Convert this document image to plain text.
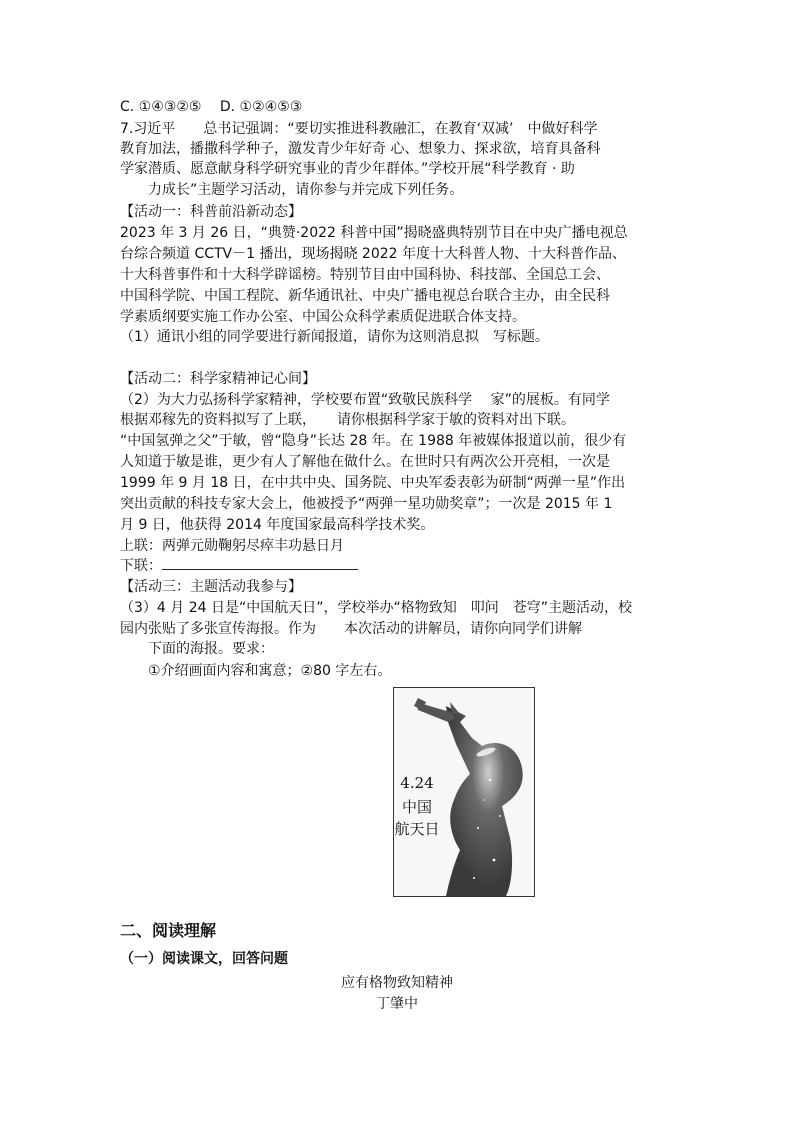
C. ①④③②⑤　 D. ①②④⑤③
7.习近平　　总书记强调：“要切实推进科教融汇，在教育‘双减’　中做好科学
教育加法，播撒科学种子，激发青少年好奇 心、想象力、探求欲，培育具备科
学家潜质、愿意献身科学研究事业的青少年群体。”学校开展“科学教育 · 助
力成长”主题学习活动，请你参与并完成下列任务。
【活动一：科普前沿新动态】
2023 年 3 月 26 日，“典赞·2022 科普中国”揭晓盛典特别节目在中央广播电视总
台综合频道 CCTV－1 播出，现场揭晓 2022 年度十大科普人物、十大科普作品、
十大科普事件和十大科学辟谣榜。特别节目由中国科协、科技部、全国总工会、
中国科学院、中国工程院、新华通讯社、中央广播电视总台联合主办，由全民科
学素质纲要实施工作办公室、中国公众科学素质促进联合体支持。
（1）通讯小组的同学要进行新闻报道，请你为这则消息拟　写标题。
【活动二：科学家精神记心间】
（2）为大力弘扬科学家精神，学校要布置“致敬民族科学　 家”的展板。有同学
根据邓稼先的资料拟写了上联，　　请你根据科学家于敏的资料对出下联。
“中国氢弹之父”于敏，曾“隐身”长达 28 年。在 1988 年被媒体报道以前，很少有
人知道于敏是谁，更少有人了解他在做什么。在世时只有两次公开亮相，一次是
1999 年 9 月 18 日，在中共中央、国务院、中央军委表彰为研制“两弹一星”作出
突出贡献的科技专家大会上，他被授予“两弹一星功勋奖章”；一次是 2015 年 1
月 9 日，他获得 2014 年度国家最高科学技术奖。
上联：两弹元勋鞠躬尽瘁丰功悬日月
下联：
【活动三：主题活动我参与】
（3）4 月 24 日是“中国航天日”，学校举办“格物致知　叩问　苍穹”主题活动，校
园内张贴了多张宣传海报。作为　　本次活动的讲解员，请你向同学们讲解
下面的海报。要求：
①介绍画面内容和寓意；②80 字左右。
4.24
中国
航天日
二、阅读理解
（一）阅读课文，回答问题
应有格物致知精神
丁肇中
